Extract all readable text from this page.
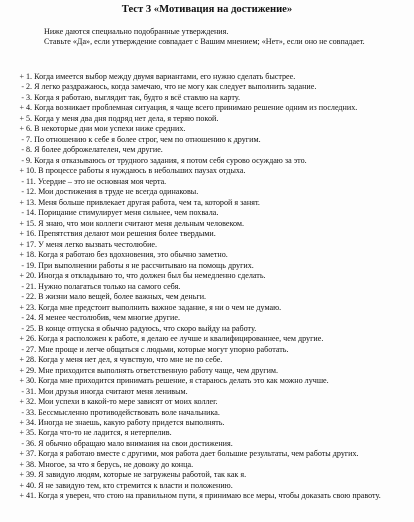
Тест 3 «Мотивация на достижение»

Ниже даются специально подобранные утверждения.

Ставьте «Да», если утверждение совпадает с Вашим мнением; «Нет», если оно не совпадает.

+ 1. Когда имеется выбор между двумя вариантами, его нужно сделать быстрее.
- 2. Я легко раздражаюсь, когда замечаю, что не могу как следует выполнить задание.
- 3. Когда я работаю, выглядит так, будто я всё ставлю на карту.
+ 4. Когда возникает проблемная ситуация, я чаще всего принимаю решение одним из последних.
+ 5. Когда у меня два дня подряд нет дела, я теряю покой.
+ 6. В некоторые дни мои успехи ниже средних.
- 7. По отношению к себе я более строг, чем по отношению к другим.
- 8. Я более доброжелателен, чем другие.
- 9. Когда я отказываюсь от трудного задания, я потом себя сурово осуждаю за это.
+ 10. В процессе работы я нуждаюсь в небольших паузах отдыха.
- 11. Усердие – это не основная моя черта.
- 12. Мои достижения в труде не всегда одинаковы.
+ 13. Меня больше привлекает другая работа, чем та, которой я занят.
- 14. Порицание стимулирует меня сильнее, чем похвала.
+ 15. Я знаю, что мои коллеги считают меня дельным человеком.
+ 16. Препятствия делают мои решения более твердыми.
+ 17. У меня легко вызвать честолюбие.
+ 18. Когда я работаю без вдохновения, это обычно заметно.
- 19. При выполнении работы я не рассчитываю на помощь других.
+ 20. Иногда я откладываю то, что должен был бы немедленно сделать.
- 21. Нужно полагаться только на самого себя.
- 22. В жизни мало вещей, более важных, чем деньги.
+ 23. Когда мне предстоит выполнить важное задание, я ни о чем не думаю.
- 24. Я менее честолюбив, чем многие другие.
- 25. В конце отпуска я обычно радуюсь, что скоро выйду на работу.
+ 26. Когда я расположен к работе, я делаю ее лучше и квалифицированнее, чем другие.
- 27. Мне проще и легче общаться с людьми, которые могут упорно работать.
+ 28. Когда у меня нет дел, я чувствую, что мне не по себе.
+ 29. Мне приходится выполнять ответственную работу чаще, чем другим.
+ 30. Когда мне приходится принимать решение, я стараюсь делать это как можно лучше.
- 31. Мои друзья иногда считают меня ленивым.
+ 32. Мои успехи в какой-то мере зависят от моих коллег.
- 33. Бессмысленно противодействовать воле начальника.
+ 34. Иногда не знаешь, какую работу придется выполнять.
+ 35. Когда что-то не ладится, я нетерпелив.
- 36. Я обычно обращаю мало внимания на свои достижения.
+ 37. Когда я работаю вместе с другими, моя работа дает большие результаты, чем работы других.
+ 38. Многое, за что я берусь, не довожу до конца.
+ 39. Я завидую людям, которые не загружены работой, так как я.
+ 40. Я не завидую тем, кто стремится к власти и положению.
+ 41. Когда я уверен, что стою на правильном пути, я принимаю все меры, чтобы доказать свою правоту.
